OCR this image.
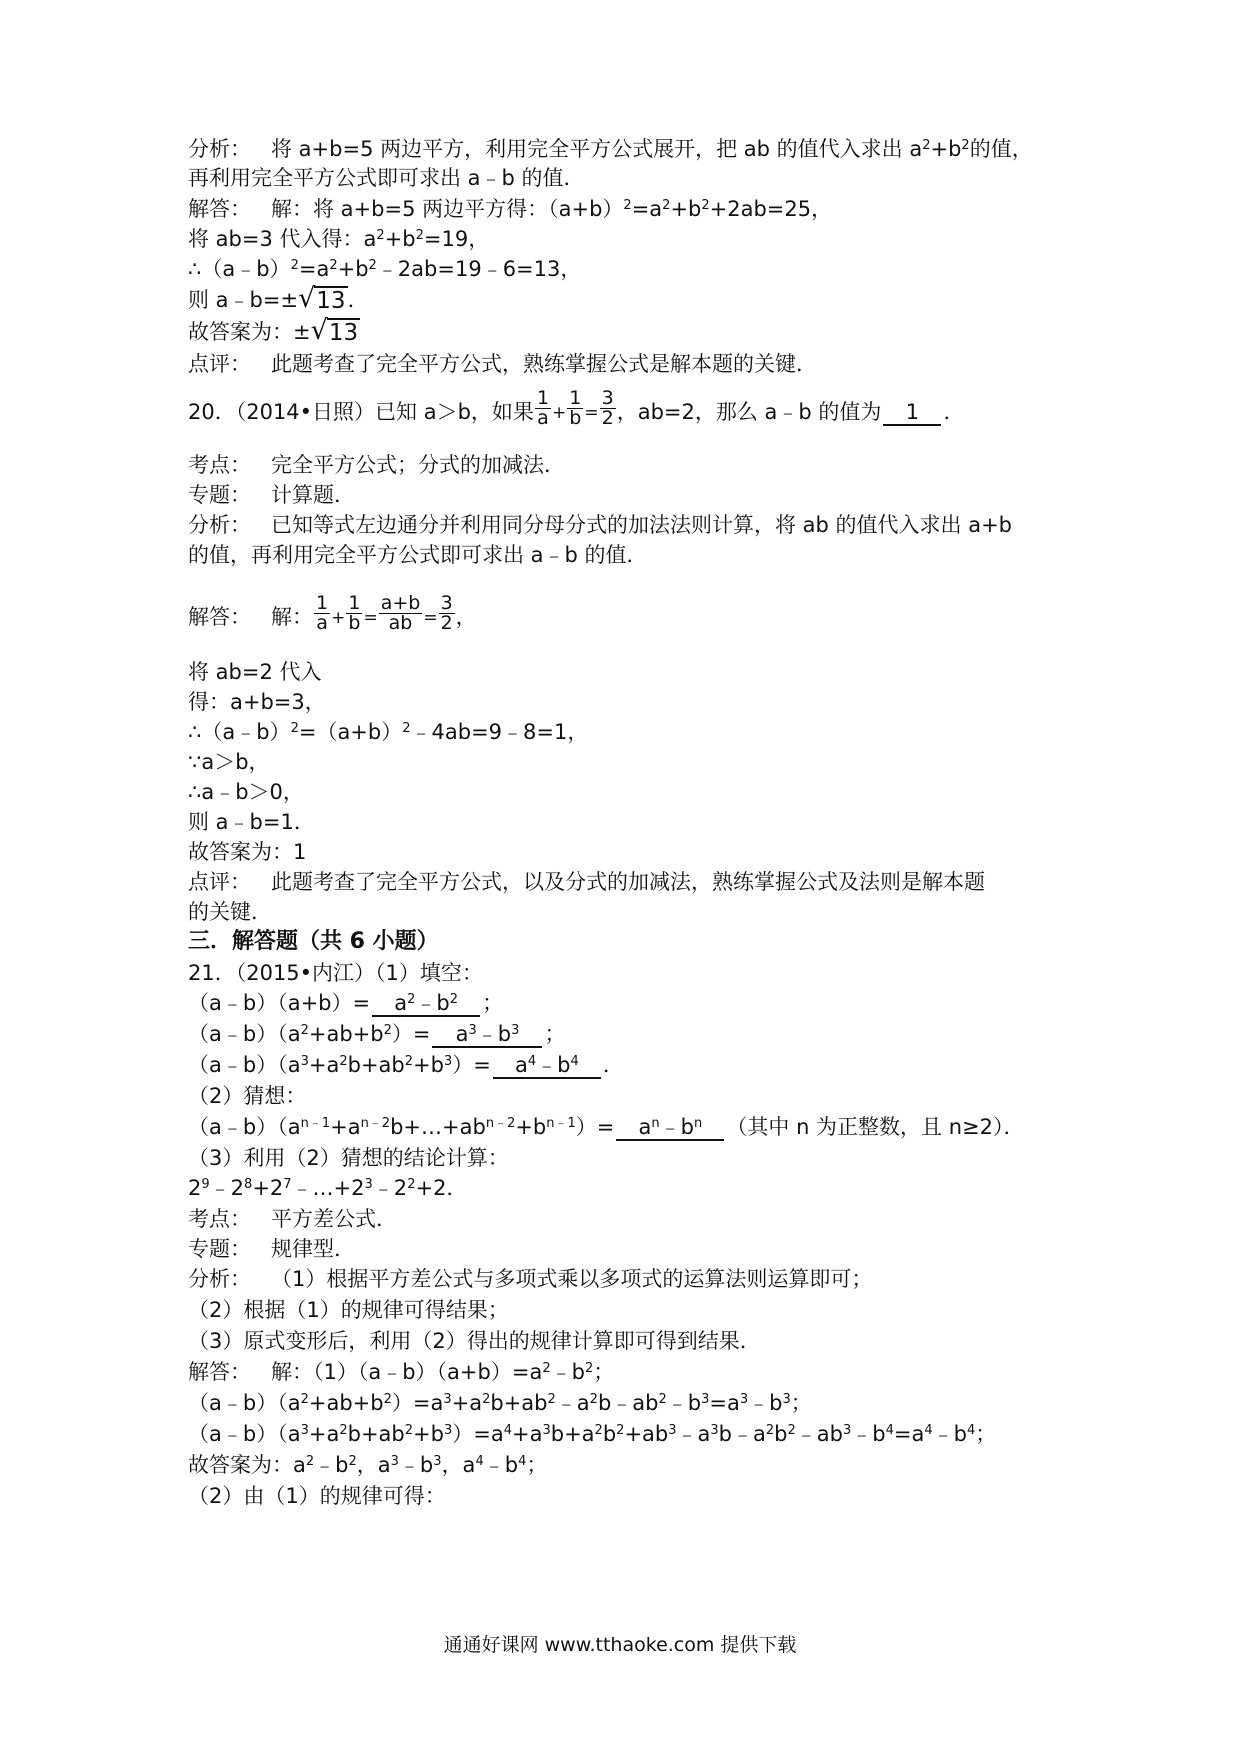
分析： 将 a+b=5 两边平方，利用完全平方公式展开，把 ab 的值代入求出 $a^2+b^2$的值，
再利用完全平方公式即可求出 a﹣b 的值．
解答： 解：将 a+b=5 两边平方得：$(a+b)^2=a^2+b^2+2ab=25$，
将 ab=3 代入得：$a^2+b^2=19$，
$\therefore(a﹣b)^2=a^2+b^2﹣2ab=19﹣6=13$，
则 a﹣b=± √ 13 ．
故答案为：± √ 13
点评： 此题考查了完全平方公式，熟练掌握公式是解本题的关键．
20．（2014•日照）已知 a＞b，如果 $\frac{1}{a} + \frac{1}{b} = \frac{3}{2}$ ，ab=2，那么 a﹣b 的值为 1 ．
考点： 完全平方公式；分式的加减法．
专题： 计算题．
分析： 已知等式左边通分并利用同分母分式的加法法则计算，将 ab 的值代入求出 a+b
的值，再利用完全平方公式即可求出 a﹣b 的值．
解答： 解： $\frac{1}{a} + \frac{1}{b} = \frac{a+b}{ab} = \frac{3}{2}$ ，
将 ab=2 代入
得：a+b=3，
$\therefore(a﹣b)^2=(a+b)^2﹣4ab=9﹣8=1$，
∵a＞b，
∴a﹣b＞0，
则 a﹣b=1．
故答案为：1
点评： 此题考查了完全平方公式，以及分式的加减法，熟练掌握公式及法则是解本题
的关键．
三．解答题（共 6 小题）
21．（2015•内江）（1）填空：
（a﹣b）（a+b）= $a^2﹣b^2$ ；
$(a﹣b)(a^2+ab+b^2)=$ $a^3﹣b^3$ ；
$(a﹣b)(a^3+a^2b+ab^2+b^3)=$ $a^4﹣b^4$ ．
（2）猜想：
$(a﹣b)(a^{n﹣1}+a^{n﹣2}b+\dots+ab^{n﹣2}+b^{n﹣1})=$ $a^n﹣b^n$ （其中 n 为正整数，且 n≥2）．
（3）利用（2）猜想的结论计算：
$2^9﹣2^8+2^7﹣\dots+2^3﹣2^2+2$．
考点： 平方差公式．
专题： 规律型．
分析： （1）根据平方差公式与多项式乘以多项式的运算法则运算即可；
（2）根据（1）的规律可得结果；
（3）原式变形后，利用（2）得出的规律计算即可得到结果．
解答： 解：$(1)(a﹣b)(a+b)=a^2﹣b^2$；
$(a﹣b)(a^2+ab+b^2)=a^3+a^2b+ab^2﹣a^2b﹣ab^2﹣b^3=a^3﹣b^3$；
$(a﹣b)(a^3+a^2b+ab^2+b^3)=a^4+a^3b+a^2b^2+ab^3﹣a^3b﹣a^2b^2﹣ab^3﹣b^4=a^4﹣b^4$；
故答案为：$a^2﹣b^2$，$a^3﹣b^3$，$a^4﹣b^4$；
（2）由（1）的规律可得：
通通好课网 www.tthaoke.com 提供下载
